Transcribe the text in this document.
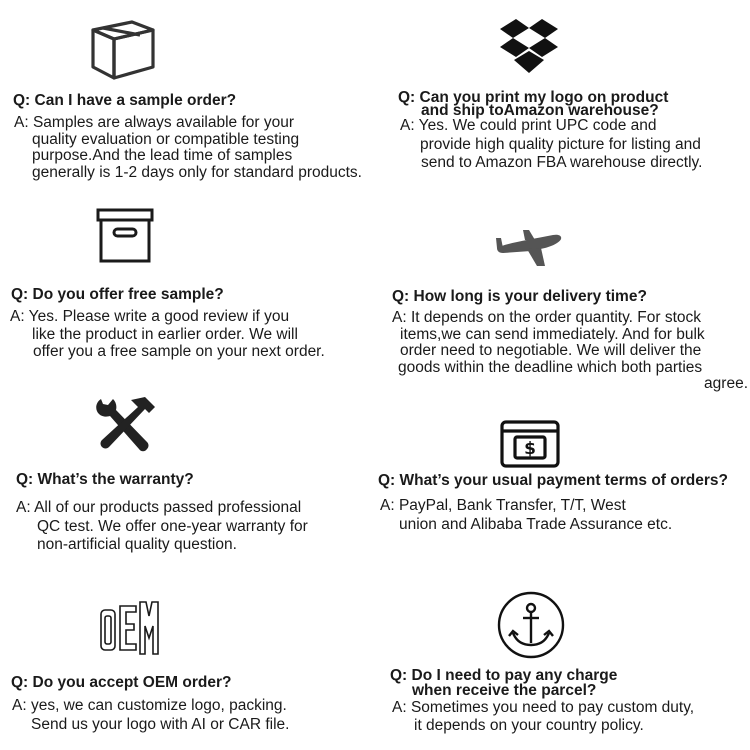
$
Q: Can I have a sample order?
A: Samples are always available for your
quality evaluation or compatible testing
purpose.And the lead time of samples
generally is 1-2 days only for standard products.
Q: Can you print my logo on product
and ship toAmazon warehouse?
A: Yes. We could print UPC code and
provide high quality picture for listing and
send to Amazon FBA warehouse directly.
Q: Do you offer free sample?
A: Yes. Please write a good review if you
like the product in earlier order. We will
offer you a free sample on your next order.
Q: How long is your delivery time?
A: It depends on the order quantity. For stock
items,we can send immediately. And for bulk
order need to negotiable. We will deliver the
goods within the deadline which both parties
agree.
Q: What’s the warranty?
A: All of our products passed professional
QC test. We offer one-year warranty for
non-artificial quality question.
Q: What’s your usual payment terms of orders?
A: PayPal, Bank Transfer, T/T, West
union and Alibaba Trade Assurance etc.
Q: Do you accept OEM order?
A: yes, we can customize logo, packing.
Send us your logo with AI or CAR file.
Q: Do I need to pay any charge
when receive the parcel?
A: Sometimes you need to pay custom duty,
it depends on your country policy.
